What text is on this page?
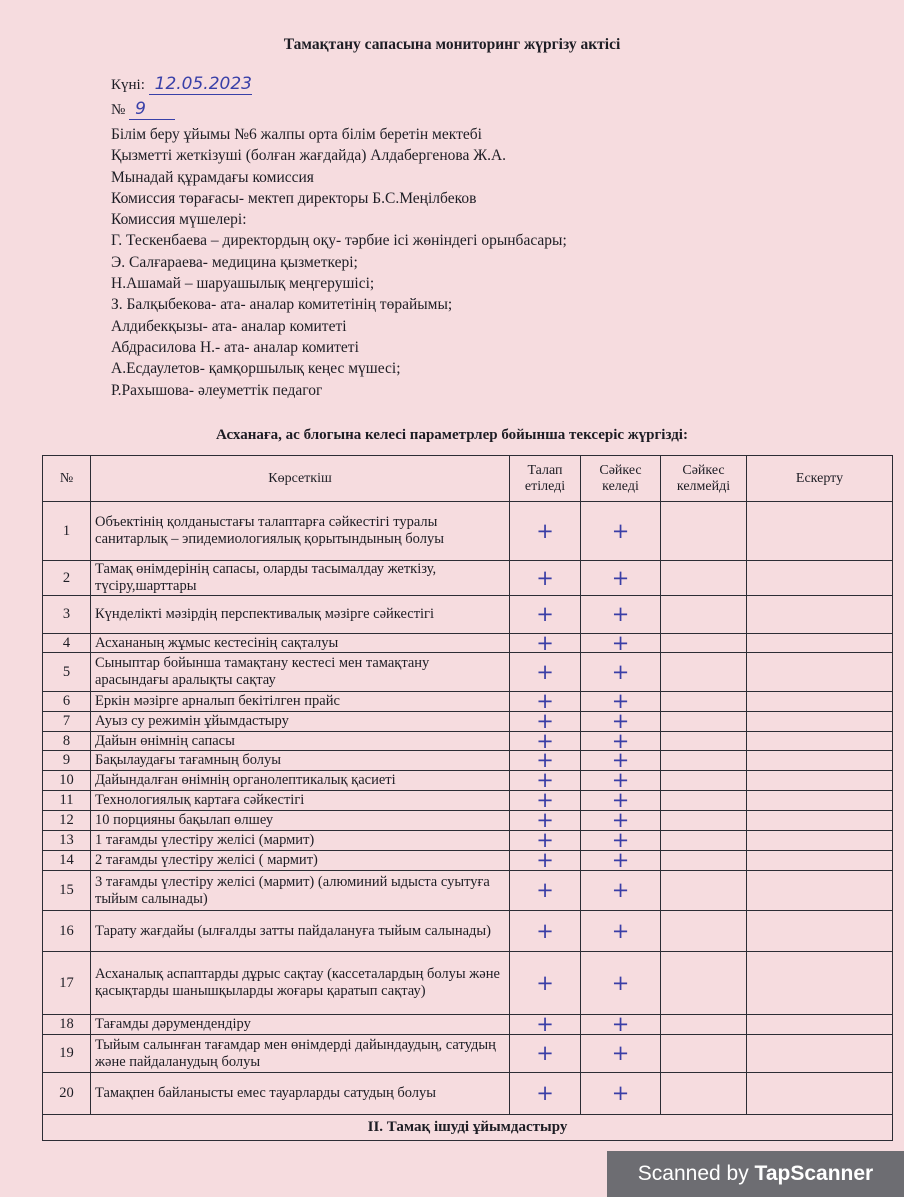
Тамақтану сапасына мониторинг жүргізу актісі
Күні: 12.05.2023
№ 9
Білім беру ұйымы №6 жалпы орта білім беретін мектебі
Қызметті жеткізуші (болған жағдайда) Алдабергенова Ж.А.
Мынадай құрамдағы комиссия
Комиссия төрағасы- мектеп директоры Б.С.Меңілбеков
Комиссия мүшелері:
Г. Тескенбаева – директордың оқу- тәрбие ісі жөніндегі орынбасары;
Э. Салғараева- медицина қызметкері;
Н.Ашамай – шаруашылық меңгерушісі;
З. Балқыбекова- ата- аналар комитетінің төрайымы;
Алдибекқызы- ата- аналар комитеті
Абдрасилова Н.- ата- аналар комитеті
А.Есдаулетов- қамқоршылық кеңес мүшесі;
Р.Рахышова- әлеуметтік педагог
Асханаға, ас блогына келесі параметрлер бойынша тексеріс жүргізді:
№	Көрсеткіш	Талап етіледі	Сәйкес келеді	Сәйкес келмейді	Ескерту
1	Объектінің қолданыстағы талаптарға сәйкестігі туралы санитарлық – эпидемиологиялық қорытындының болуы	+	+		
2	Тамақ өнімдерінің сапасы, оларды тасымалдау жеткізу, түсіру,шарттары	+	+		
3	Күнделікті мәзірдің перспективалық мәзірге сәйкестігі	+	+		
4	Асхананың жұмыс кестесінің сақталуы	+	+		
5	Сыныптар бойынша тамақтану кестесі мен тамақтану арасындағы аралықты сақтау	+	+		
6	Еркін мәзірге арналып бекітілген прайс	+	+		
7	Ауыз су режимін ұйымдастыру	+	+		
8	Дайын өнімнің сапасы	+	+		
9	Бақылаудағы тағамның болуы	+	+		
10	Дайындалған өнімнің органолептикалық қасиеті	+	+		
11	Технологиялық картаға сәйкестігі	+	+		
12	10 порцияны бақылап өлшеу	+	+		
13	1 тағамды үлестіру желісі (мармит)	+	+		
14	2 тағамды үлестіру желісі ( мармит)	+	+		
15	3 тағамды үлестіру желісі (мармит) (алюминий ыдыста суытуға тыйым салынады)	+	+		
16	Тарату жағдайы (ылғалды затты пайдалануға тыйым салынады)	+	+		
17	Асханалық аспаптарды дұрыс сақтау (кассеталардың болуы және қасықтарды шанышқыларды жоғары қаратып сақтау)	+	+		
18	Тағамды дәрумендендіру	+	+		
19	Тыйым салынған тағамдар мен өнімдерді дайындаудың, сатудың және пайдаланудың болуы	+	+		
20	Тамақпен байланысты емес тауарларды сатудың болуы	+	+		
ІІ. Тамақ ішуді ұйымдастыру					
Scanned by TapScanner
